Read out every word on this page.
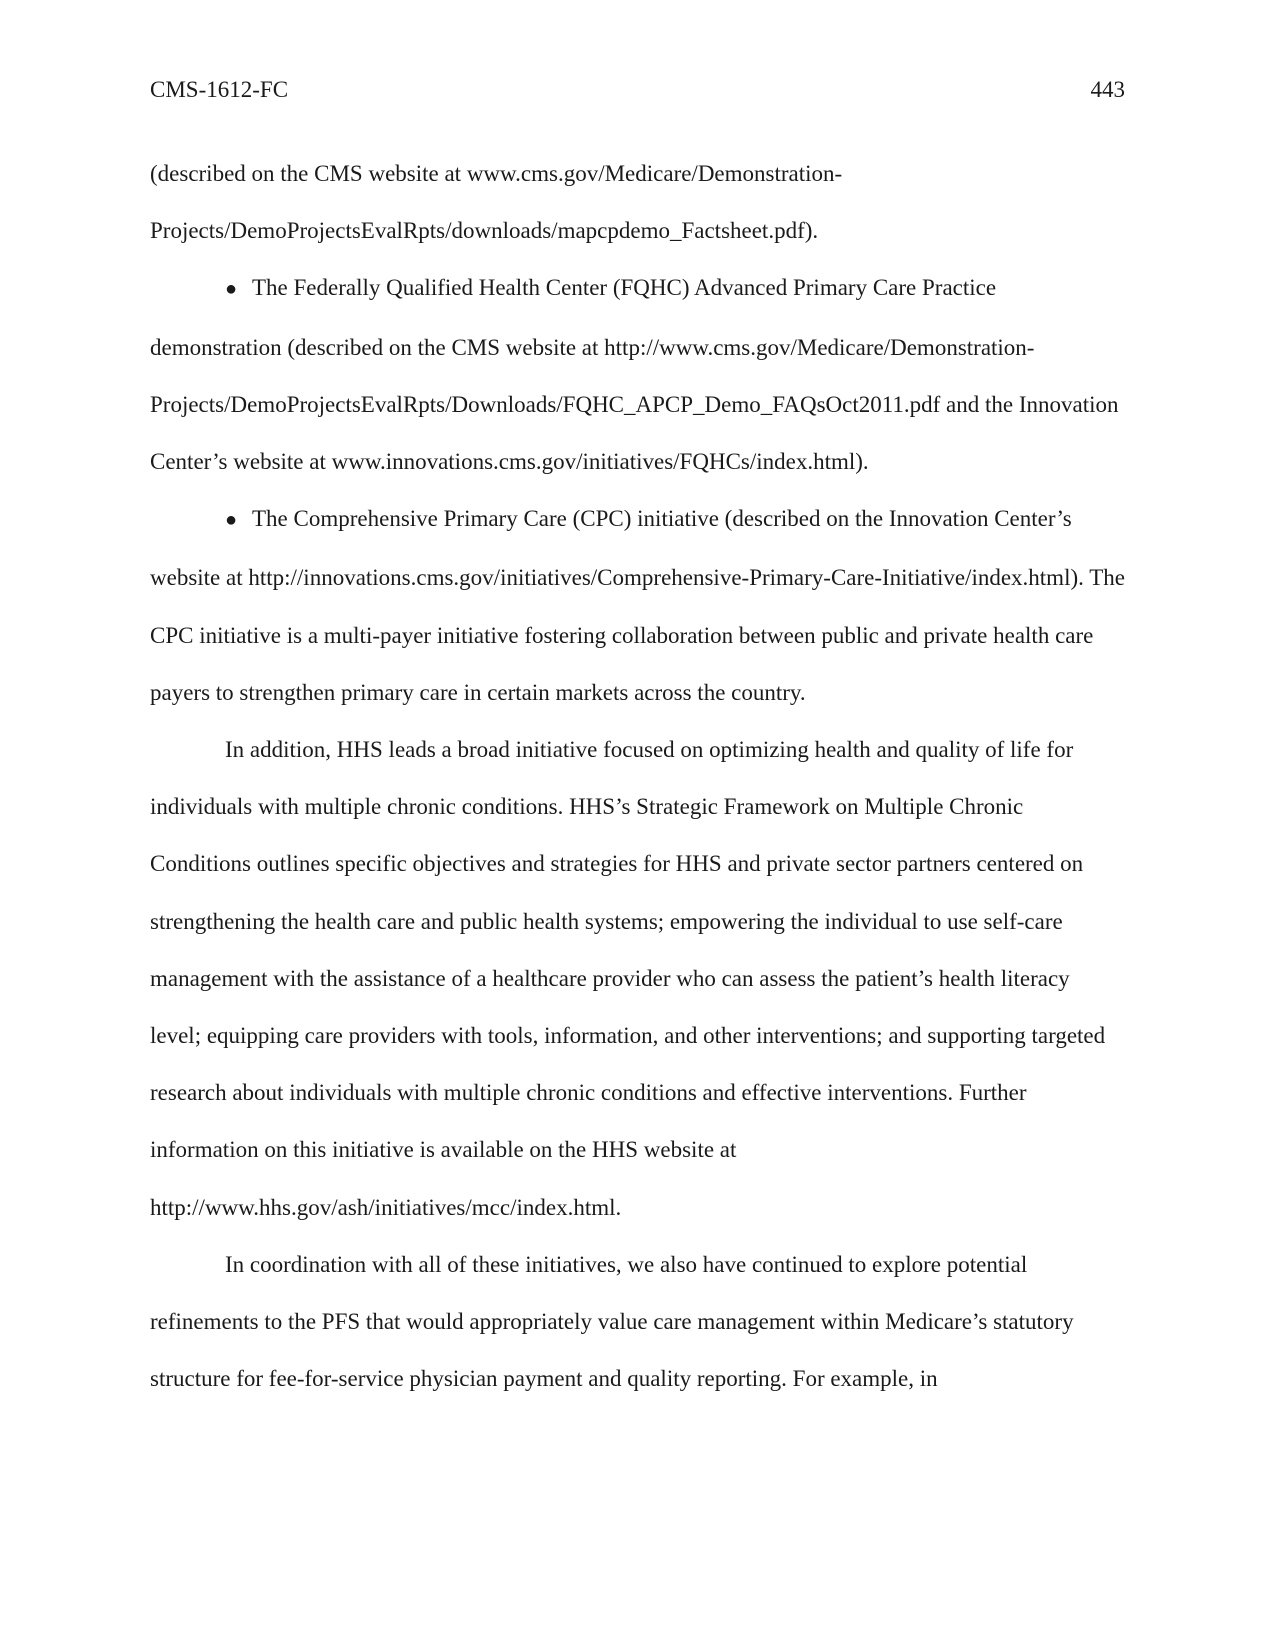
CMS-1612-FC	443

(described on the CMS website at www.cms.gov/Medicare/Demonstration-Projects/DemoProjectsEvalRpts/downloads/mapcpdemo_Factsheet.pdf).

● The Federally Qualified Health Center (FQHC) Advanced Primary Care Practice demonstration (described on the CMS website at http://www.cms.gov/Medicare/Demonstration-Projects/DemoProjectsEvalRpts/Downloads/FQHC_APCP_Demo_FAQsOct2011.pdf and the Innovation Center’s website at www.innovations.cms.gov/initiatives/FQHCs/index.html).

● The Comprehensive Primary Care (CPC) initiative (described on the Innovation Center’s website at http://innovations.cms.gov/initiatives/Comprehensive-Primary-Care-Initiative/index.html). The CPC initiative is a multi-payer initiative fostering collaboration between public and private health care payers to strengthen primary care in certain markets across the country.

In addition, HHS leads a broad initiative focused on optimizing health and quality of life for individuals with multiple chronic conditions. HHS’s Strategic Framework on Multiple Chronic Conditions outlines specific objectives and strategies for HHS and private sector partners centered on strengthening the health care and public health systems; empowering the individual to use self-care management with the assistance of a healthcare provider who can assess the patient’s health literacy level; equipping care providers with tools, information, and other interventions; and supporting targeted research about individuals with multiple chronic conditions and effective interventions. Further information on this initiative is available on the HHS website at http://www.hhs.gov/ash/initiatives/mcc/index.html.

In coordination with all of these initiatives, we also have continued to explore potential refinements to the PFS that would appropriately value care management within Medicare’s statutory structure for fee-for-service physician payment and quality reporting. For example, in
